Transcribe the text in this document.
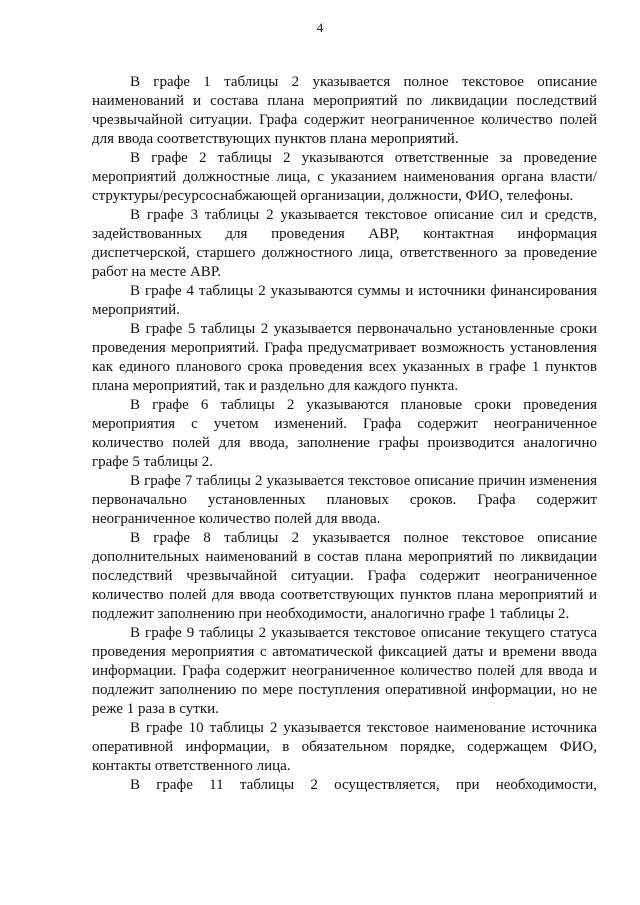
4

В графе 1 таблицы 2 указывается полное текстовое описание наименований и состава плана мероприятий по ликвидации последствий чрезвычайной ситуации. Графа содержит неограниченное количество полей для ввода соответствующих пунктов плана мероприятий.

В графе 2 таблицы 2 указываются ответственные за проведение мероприятий должностные лица, с указанием наименования органа власти/структуры/ресурсоснабжающей организации, должности, ФИО, телефоны.

В графе 3 таблицы 2 указывается текстовое описание сил и средств, задействованных для проведения АВР, контактная информация диспетчерской, старшего должностного лица, ответственного за проведение работ на месте АВР.

В графе 4 таблицы 2 указываются суммы и источники финансирования мероприятий.

В графе 5 таблицы 2 указывается первоначально установленные сроки проведения мероприятий. Графа предусматривает возможность установления как единого планового срока проведения всех указанных в графе 1 пунктов плана мероприятий, так и раздельно для каждого пункта.

В графе 6 таблицы 2 указываются плановые сроки проведения мероприятия с учетом изменений. Графа содержит неограниченное количество полей для ввода, заполнение графы производится аналогично графе 5 таблицы 2.

В графе 7 таблицы 2 указывается текстовое описание причин изменения первоначально установленных плановых сроков. Графа содержит неограниченное количество полей для ввода.

В графе 8 таблицы 2 указывается полное текстовое описание дополнительных наименований в состав плана мероприятий по ликвидации последствий чрезвычайной ситуации. Графа содержит неограниченное количество полей для ввода соответствующих пунктов плана мероприятий и подлежит заполнению при необходимости, аналогично графе 1 таблицы 2.

В графе 9 таблицы 2 указывается текстовое описание текущего статуса проведения мероприятия с автоматической фиксацией даты и времени ввода информации. Графа содержит неограниченное количество полей для ввода и подлежит заполнению по мере поступления оперативной информации, но не реже 1 раза в сутки.

В графе 10 таблицы 2 указывается текстовое наименование источника оперативной информации, в обязательном порядке, содержащем ФИО, контакты ответственного лица.

В графе 11 таблицы 2 осуществляется, при необходимости,
